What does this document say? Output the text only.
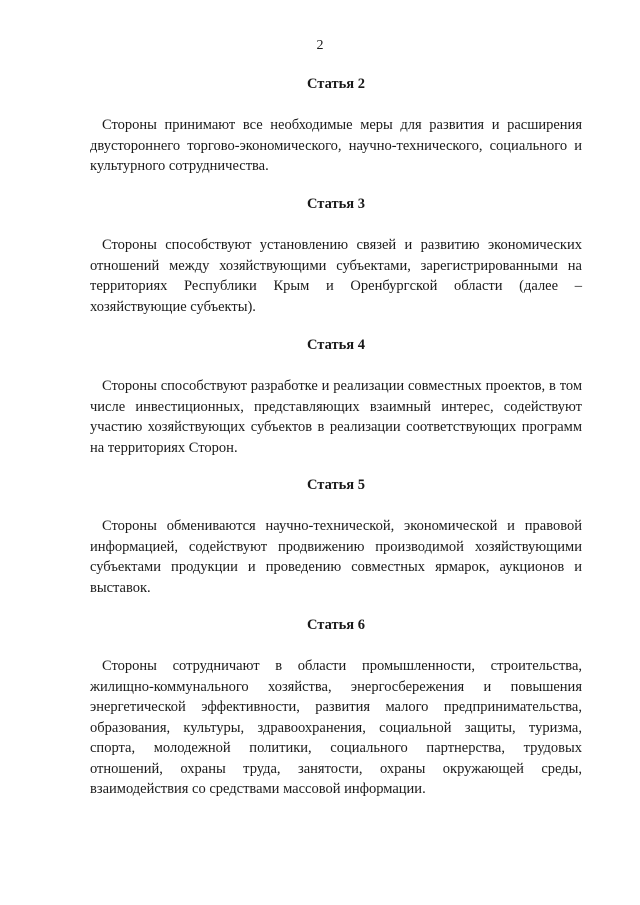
2
Статья 2

Стороны принимают все необходимые меры для развития и расширения двустороннего торгово-экономического, научно-технического, социального и культурного сотрудничества.

Статья 3

Стороны способствуют установлению связей и развитию экономических отношений между хозяйствующими субъектами, зарегистрированными на территориях Республики Крым и Оренбургской области (далее – хозяйствующие субъекты).

Статья 4

Стороны способствуют разработке и реализации совместных проектов, в том числе инвестиционных, представляющих взаимный интерес, содействуют участию хозяйствующих субъектов в реализации соответствующих программ на территориях Сторон.

Статья 5

Стороны обмениваются научно-технической, экономической и правовой информацией, содействуют продвижению производимой хозяйствующими субъектами продукции и проведению совместных ярмарок, аукционов и выставок.

Статья 6

Стороны сотрудничают в области промышленности, строительства, жилищно-коммунального хозяйства, энергосбережения и повышения энергетической эффективности, развития малого предпринимательства, образования, культуры, здравоохранения, социальной защиты, туризма, спорта, молодежной политики, социального партнерства, трудовых отношений, охраны труда, занятости, охраны окружающей среды, взаимодействия со средствами массовой информации.
